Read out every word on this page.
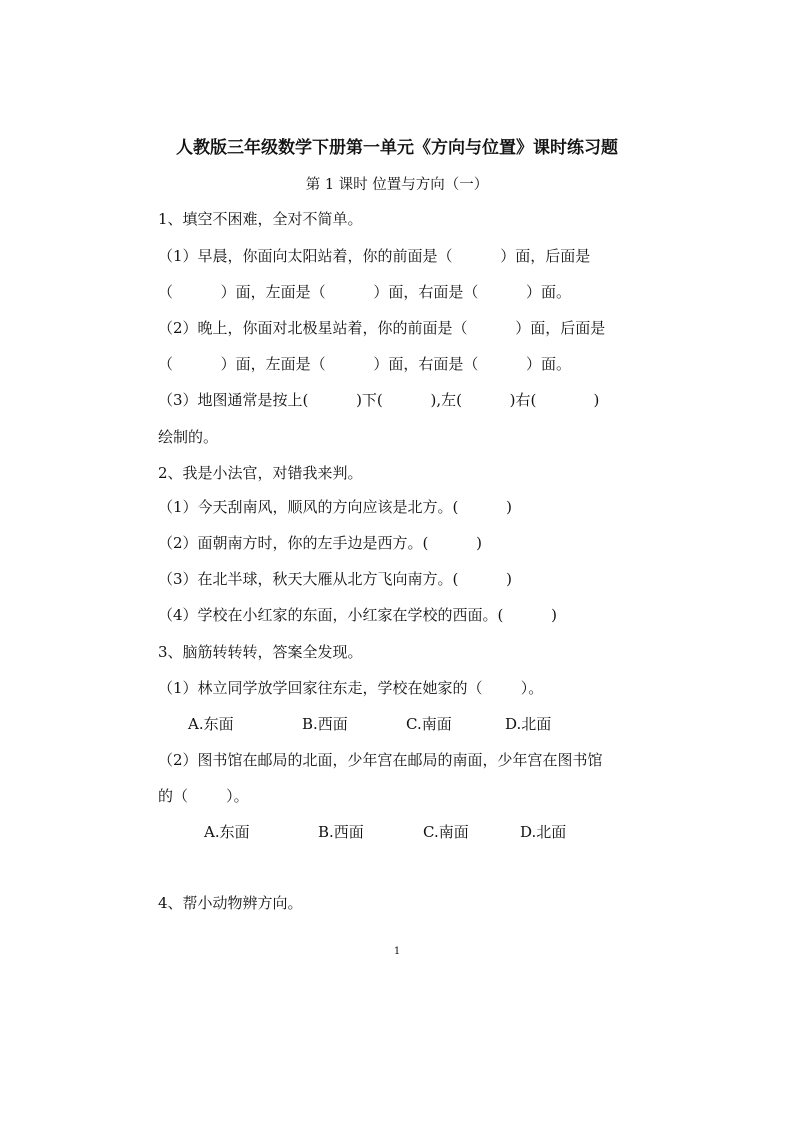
人教版三年级数学下册第一单元《方向与位置》课时练习题
第 1 课时 位置与方向（一）
1、填空不困难，全对不简单。
（1）早晨，你面向太阳站着，你的前面是（          ）面，后面是
（          ）面，左面是（          ）面，右面是（          ）面。
（2）晚上，你面对北极星站着，你的前面是（          ）面，后面是
（          ）面，左面是（          ）面，右面是（          ）面。
（3）地图通常是按上(          )下(          ),左(          )右(            )
绘制的。
2、我是小法官，对错我来判。
（1）今天刮南风，顺风的方向应该是北方。(          )
（2）面朝南方时，你的左手边是西方。(          )
（3）在北半球，秋天大雁从北方飞向南方。(          )
（4）学校在小红家的东面，小红家在学校的西面。(          )
3、脑筋转转转，答案全发现。
（1）林立同学放学回家往东走，学校在她家的（        ）。
A.东面	B.西面	C.南面	D.北面
（2）图书馆在邮局的北面，少年宫在邮局的南面，少年宫在图书馆
的（        ）。
A.东面	B.西面	C.南面	D.北面
4、帮小动物辨方向。
1
